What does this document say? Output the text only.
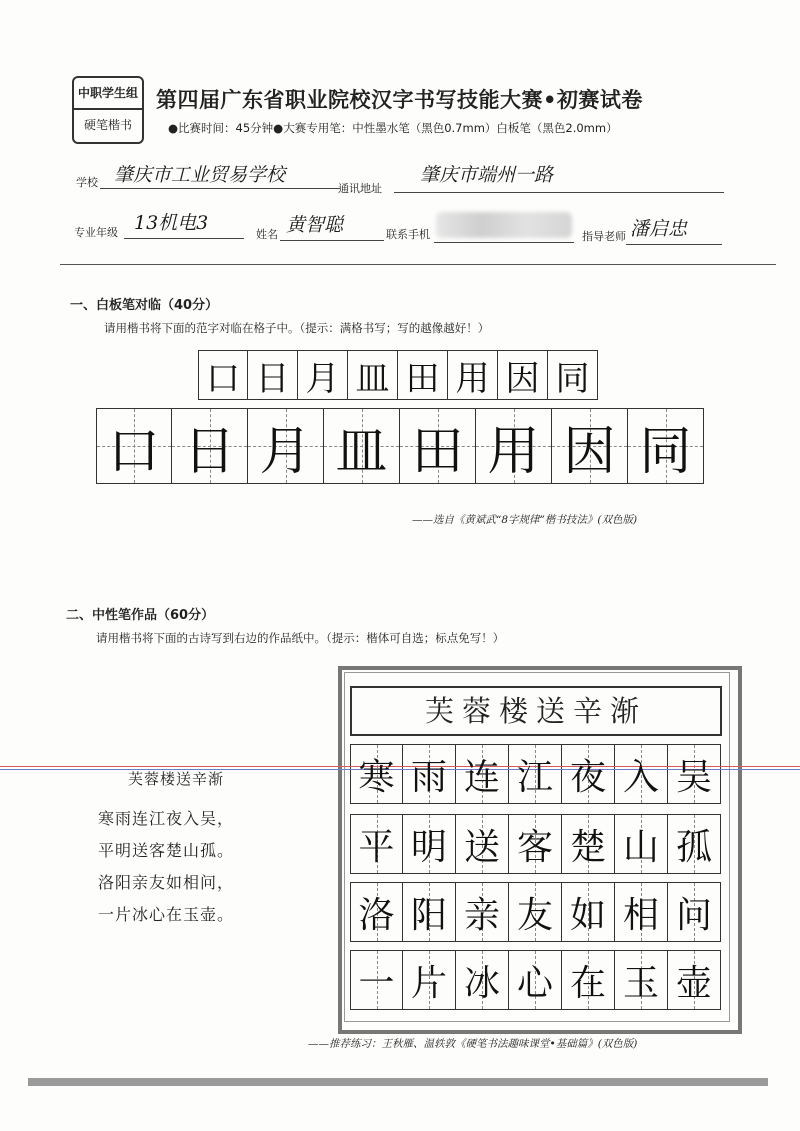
中职学生组
硬笔楷书
第四届广东省职业院校汉字书写技能大赛•初赛试卷
●比赛时间：45分钟●大赛专用笔：中性墨水笔（黑色0.7mm）白板笔（黑色2.0mm）
学校 肇庆市工业贸易学校
通讯地址
肇庆市端州一路
专业年级 13机电3
姓名 黄智聪	联系手机	指导老师 潘启忠
一、白板笔对临（40分）
请用楷书将下面的范字对临在格子中。（提示：满格书写；写的越像越好！）
口 日 月 皿 田 用 因 同
口 日 月 皿 田 用 因 同
——选自《黄斌武“8字规律”楷书技法》(双色版)
二、中性笔作品（60分）
请用楷书将下面的古诗写到右边的作品纸中。（提示：楷体可自选；标点免写！）
芙蓉楼送辛渐
寒雨连江夜入吴，
平明送客楚山孤。
洛阳亲友如相问，
一片冰心在玉壶。
芙蓉楼送辛渐
寒 雨 连 江 夜 入 吴
平 明 送 客 楚 山 孤
洛 阳 亲 友 如 相 问
一 片 冰 心 在 玉 壶
——推荐练习：王秋雁、温轶敦《硬笔书法趣味课堂•基础篇》(双色版)
